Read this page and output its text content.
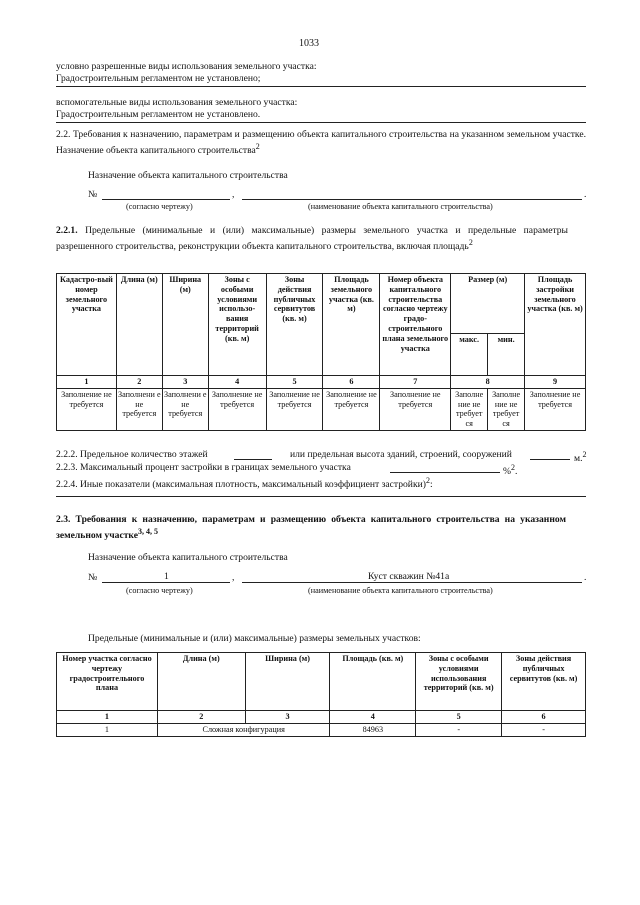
1033
условно разрешенные виды использования земельного участка:
Градостроительным регламентом не установлено;
вспомогательные виды использования земельного участка:
Градостроительным регламентом не установлено.
2.2. Требования к назначению, параметрам и размещению объекта капитального строительства на указанном земельном участке. Назначение объекта капитального строительства$^2$
Назначение объекта капитального строительства
№	,	.
(согласно чертежу)	(наименование объекта капитального строительства)
2.2.1. Предельные (минимальные и (или) максимальные) размеры земельного участка и предельные параметры разрешенного строительства, реконструкции объекта капитального строительства, включая площадь$^2$
Кадастро-вый номер земельного участка	Длина (м)	Ширина (м)	Зоны с особыми условиями использо-вания территорий (кв. м)	Зоны действия публичных сервитутов (кв. м)	Площадь земельного участка (кв. м)	Номер объекта капитального строительства согласно чертежу градо-строительного плана земельного участка	Размер (м)		Площадь застройки земельного участка (кв. м)
							макс.	мин.	
1	2	3	4	5	6	7	8		9
Заполнение не требуется	Заполнени е не требуется	Заполнени е не требуется	Заполнение не требуется	Заполнение не требуется	Заполнение не требуется	Заполнение не требуется	Заполне ние не требует ся	Заполне ние не требует ся	Заполнение не требуется
2.2.2. Предельное количество этажей	или предельная высота зданий, строений, сооружений	м.$^2$
2.2.3. Максимальный процент застройки в границах земельного участка	%$^2$.
2.2.4. Иные показатели (максимальная плотность, максимальный коэффициент застройки)$^2$:
2.3. Требования к назначению, параметрам и размещению объекта капитального строительства на указанном земельном участке$^{3, 4, 5}$
Назначение объекта капитального строительства
№	1	,	Куст скважин №41а	.
(согласно чертежу)	(наименование объекта капитального строительства)
Предельные (минимальные и (или) максимальные) размеры земельных участков:
Номер участка согласно чертежу градостроительного плана	Длина (м)	Ширина (м)	Площадь (кв. м)	Зоны с особыми условиями использования территорий (кв. м)	Зоны действия публичных сервитутов (кв. м)
1	2	3	4	5	6
1	Сложная конфигурация		84963	-	-
